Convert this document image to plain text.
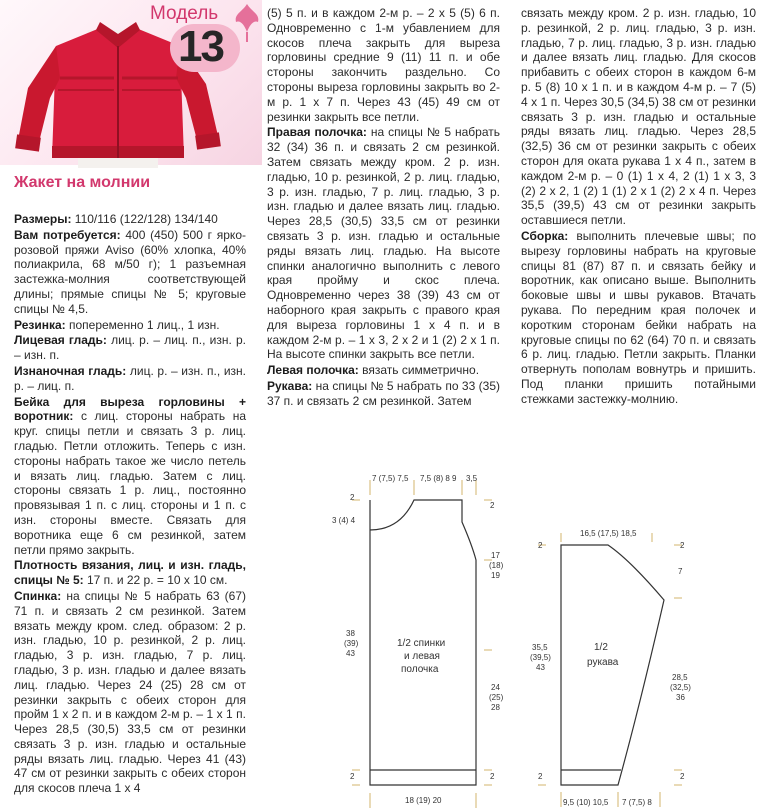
Модель
13
Жакет на молнии

Размеры: 110/116 (122/128) 134/140

Вам потребуется: 400 (450) 500 г ярко-розовой пряжи Aviso (60% хлопка, 40% полиакрила, 68 м/50 г); 1 разъемная застежка-молния соответствующей длины; прямые спицы № 5; круговые спицы № 4,5.

Резинка: попеременно 1 лиц., 1 изн.

Лицевая гладь: лиц. р. – лиц. п., изн. р. – изн. п.

Изнаночная гладь: лиц. р. – изн. п., изн. р. – лиц. п.

Бейка для выреза горловины + воротник: с лиц. стороны набрать на круг. спицы петли и связать 3 р. лиц. гладью. Петли отложить. Теперь с изн. стороны набрать такое же число петель и вязать лиц. гладью. Затем с лиц. стороны связать 1 р. лиц., постоянно провязывая 1 п. с лиц. стороны и 1 п. с изн. стороны вместе. Связать для воротника еще 6 см резинкой, затем петли прямо закрыть.

Плотность вязания, лиц. и изн. гладь, спицы № 5: 17 п. и 22 р. = 10 х 10 см.

Спинка: на спицы № 5 набрать 63 (67) 71 п. и связать 2 см резинкой. Затем вязать между кром. след. образом: 2 р. изн. гладью, 10 р. резинкой, 2 р. лиц. гладью, 3 р. изн. гладью, 7 р. лиц. гладью, 3 р. изн. гладью и далее вязать лиц. гладью. Через 24 (25) 28 см от резинки закрыть с обеих сторон для пройм 1 х 2 п. и в каждом 2-м р. – 1 х 1 п. Через 28,5 (30,5) 33,5 см от резинки связать 3 р. изн. гладью и остальные ряды вязать лиц. гладью. Через 41 (43) 47 см от резинки закрыть с обеих сторон для скосов плеча 1 х 4

(5) 5 п. и в каждом 2-м р. – 2 х 5 (5) 6 п. Одновременно с 1-м убавлением для скосов плеча закрыть для выреза горловины средние 9 (11) 11 п. и обе стороны закончить раздельно. Со стороны выреза горловины закрыть во 2-м р. 1 х 7 п. Через 43 (45) 49 см от резинки закрыть все петли.

Правая полочка: на спицы № 5 набрать 32 (34) 36 п. и связать 2 см резинкой. Затем связать между кром. 2 р. изн. гладью, 10 р. резинкой, 2 р. лиц. гладью, 3 р. изн. гладью, 7 р. лиц. гладью, 3 р. изн. гладью и далее вязать лиц. гладью. Через 28,5 (30,5) 33,5 см от резинки связать 3 р. изн. гладью и остальные ряды вязать лиц. гладью. На высоте спинки аналогично выполнить с левого края пройму и скос плеча. Одновременно через 38 (39) 43 см от наборного края закрыть с правого края для выреза горловины 1 х 4 п. и в каждом 2-м р. – 1 х 3, 2 х 2 и 1 (2) 2 х 1 п. На высоте спинки закрыть все петли.

Левая полочка: вязать симметрично.

Рукава: на спицы № 5 набрать по 33 (35) 37 п. и связать 2 см резинкой. Затем

связать между кром. 2 р. изн. гладью, 10 р. резинкой, 2 р. лиц. гладью, 3 р. изн. гладью, 7 р. лиц. гладью, 3 р. изн. гладью и далее вязать лиц. гладью. Для скосов прибавить с обеих сторон в каждом 6-м р. 5 (8) 10 х 1 п. и в каждом 4-м р. – 7 (5) 4 х 1 п. Через 30,5 (34,5) 38 см от резинки связать 3 р. изн. гладью и остальные ряды вязать лиц. гладью. Через 28,5 (32,5) 36 см от резинки закрыть с обеих сторон для оката рукава 1 х 4 п., затем в каждом 2-м р. – 0 (1) 1 х 4, 2 (1) 1 х 3, 3 (2) 2 х 2, 1 (2) 1 (1) 2 х 1 (2) 2 х 4 п. Через 35,5 (39,5) 43 см от резинки закрыть оставшиеся петли.

Сборка: выполнить плечевые швы; по вырезу горловины набрать на круговые спицы 81 (87) 87 п. и связать бейку и воротник, как описано выше. Выполнить боковые швы и швы рукавов. Втачать рукава. По передним края полочек и коротким сторонам бейки набрать на круговые спицы по 62 (64) 70 п. и связать 6 р. лиц. гладью. Петли закрыть. Планки отвернуть пополам вовнутрь и пришить. Под планки пришить потайными стежками застежку-молнию.

7 (7,5) 7,5 7,5 (8) 8 9 3,5
3 (4) 4
2
2
17
(18)
19
38
(39)
43
24
(25)
28
1/2 спинки
и левая
полочка
2	2
18 (19) 20
16,5 (17,5) 18,5
2	2
7
35,5
(39,5)
43
28,5
(32,5)
36
1/2
рукава
2	2
9,5 (10) 10,5 7 (7,5) 8
